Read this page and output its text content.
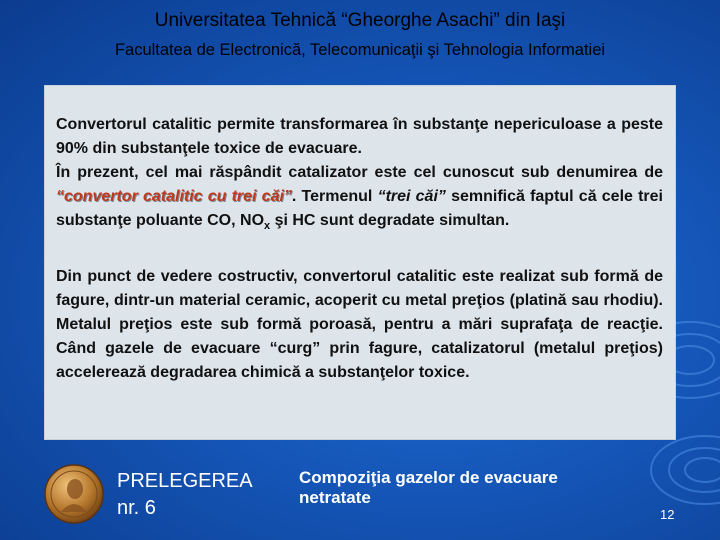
Universitatea Tehnică “Gheorghe Asachi” din Iaşi
Facultatea de Electronică, Telecomunicaţii şi Tehnologia Informatiei

Convertorul catalitic permite transformarea în substanţe nepericuloase a peste 90% din substanţele toxice de evacuare.

În prezent, cel mai răspândit catalizator este cel cunoscut sub denumirea de “convertor catalitic cu trei căi”. Termenul “trei căi” semnifică faptul că cele trei substanţe poluante CO, $NO_x$ şi HC sunt degradate simultan.

Din punct de vedere costructiv, convertorul catalitic este realizat sub formă de fagure, dintr-un material ceramic, acoperit cu metal preţios (platină sau rhodiu). Metalul preţios este sub formă poroasă, pentru a mări suprafaţa de reacţie. Când gazele de evacuare “curg” prin fagure, catalizatorul (metalul preţios) accelerează degradarea chimică a substanţelor toxice.

PRELEGEREA
nr. 6
Compoziţia gazelor de evacuare netratate
12
